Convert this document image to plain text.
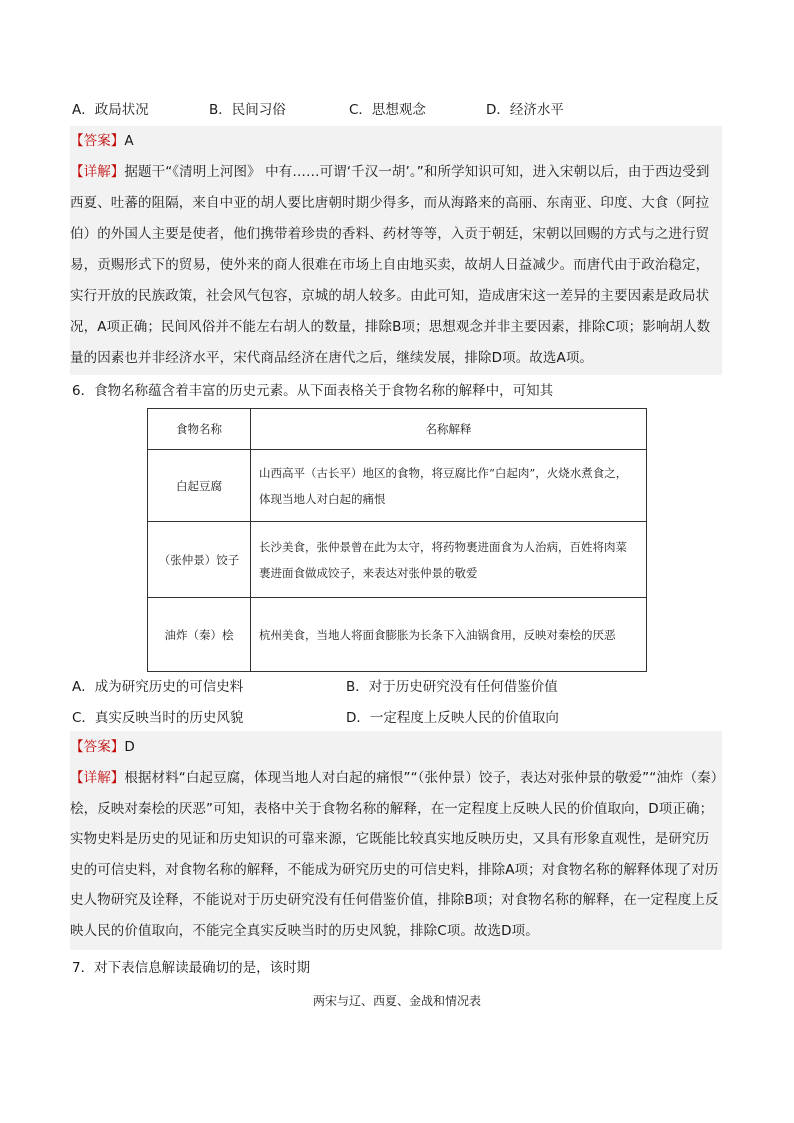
A．政局状况	B．民间习俗	C．思想观念	D．经济水平
【答案】A
【详解】据题干“《清明上河图》 中有……可谓‘千汉一胡’。”和所学知识可知，进入宋朝以后，由于西边受到西夏、吐蕃的阻隔，来自中亚的胡人要比唐朝时期少得多，而从海路来的高丽、东南亚、印度、大食（阿拉伯）的外国人主要是使者，他们携带着珍贵的香料、药材等等，入贡于朝廷，宋朝以回赐的方式与之进行贸易，贡赐形式下的贸易，使外来的商人很难在市场上自由地买卖，故胡人日益减少。而唐代由于政治稳定，实行开放的民族政策，社会风气包容，京城的胡人较多。由此可知，造成唐宋这一差异的主要因素是政局状况，A项正确；民间风俗并不能左右胡人的数量，排除B项；思想观念并非主要因素，排除C项；影响胡人数量的因素也并非经济水平，宋代商品经济在唐代之后，继续发展，排除D项。故选A项。
6．食物名称蕴含着丰富的历史元素。从下面表格关于食物名称的解释中，可知其
食物名称	名称解释
白起豆腐	山西高平（古长平）地区的食物，将豆腐比作“白起肉”，火烧水煮食之，体现当地人对白起的痛恨
（张仲景）饺子	长沙美食，张仲景曾在此为太守，将药物裹进面食为人治病，百姓将肉菜裹进面食做成饺子，来表达对张仲景的敬爱
油炸（秦）桧	杭州美食，当地人将面食膨胀为长条下入油锅食用，反映对秦桧的厌恶
A．成为研究历史的可信史料	B．对于历史研究没有任何借鉴价值
C．真实反映当时的历史风貌	D．一定程度上反映人民的价值取向
【答案】D
【详解】根据材料“白起豆腐，体现当地人对白起的痛恨”“（张仲景）饺子，表达对张仲景的敬爱”“油炸（秦）桧，反映对秦桧的厌恶”可知，表格中关于食物名称的解释，在一定程度上反映人民的价值取向，D项正确；实物史料是历史的见证和历史知识的可靠来源，它既能比较真实地反映历史，又具有形象直观性，是研究历史的可信史料，对食物名称的解释，不能成为研究历史的可信史料，排除A项；对食物名称的解释体现了对历史人物研究及诠释，不能说对于历史研究没有任何借鉴价值，排除B项；对食物名称的解释，在一定程度上反映人民的价值取向，不能完全真实反映当时的历史风貌，排除C项。故选D项。
7．对下表信息解读最确切的是，该时期
两宋与辽、西夏、金战和情况表
